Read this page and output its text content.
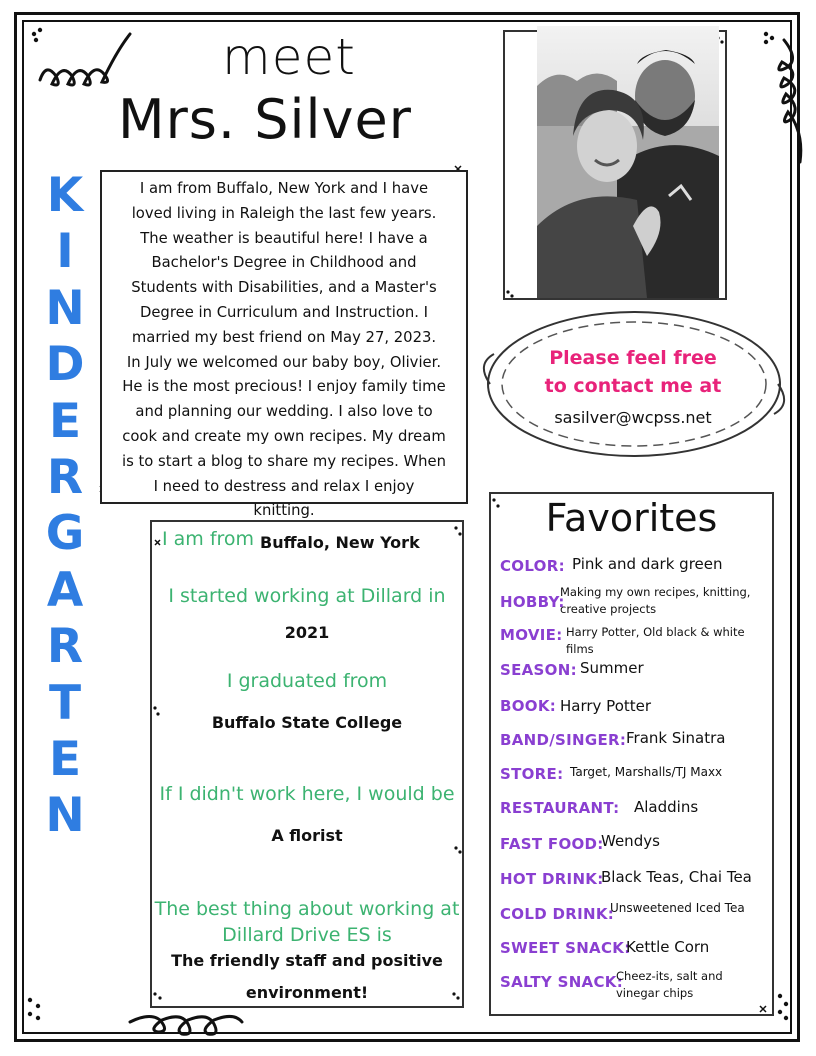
meet
Mrs. Silver
K
I
N
D
E
R
G
A
R
T
E
N
I am from Buffalo, New York and I have
loved living in Raleigh the last few years.
The weather is beautiful here! I have a
Bachelor's Degree in Childhood and
Students with Disabilities, and a Master's
Degree in Curriculum and Instruction. I
married my best friend on May 27, 2023.
In July we welcomed our baby boy, Olivier.
He is the most precious! I enjoy family time
and planning our wedding. I also love to
cook and create my own recipes. My dream
is to start a blog to share my recipes. When
I need to destress and relax I enjoy
knitting.
Please feel free
to contact me at
sasilver@wcpss.net
I am from Buffalo, New York
I started working at Dillard in
2021
I graduated from
Buffalo State College
If I didn't work here, I would be
A florist
The best thing about working at
Dillard Drive ES is
The friendly staff and positive
environment!
Favorites
COLOR: Pink and dark green
HOBBY:
Making my own recipes, knitting, creative projects
MOVIE: Harry Potter, Old black & white films
SEASON: Summer
BOOK: Harry Potter
BAND/SINGER: Frank Sinatra
STORE: Target, Marshalls/TJ Maxx
RESTAURANT: Aladdins
FAST FOOD:
Wendys
HOT DRINK:
Black Teas, Chai Tea
COLD DRINK:
Unsweetened Iced Tea
SWEET SNACK:
Kettle Corn
SALTY SNACK:
Cheez-its, salt and vinegar chips
